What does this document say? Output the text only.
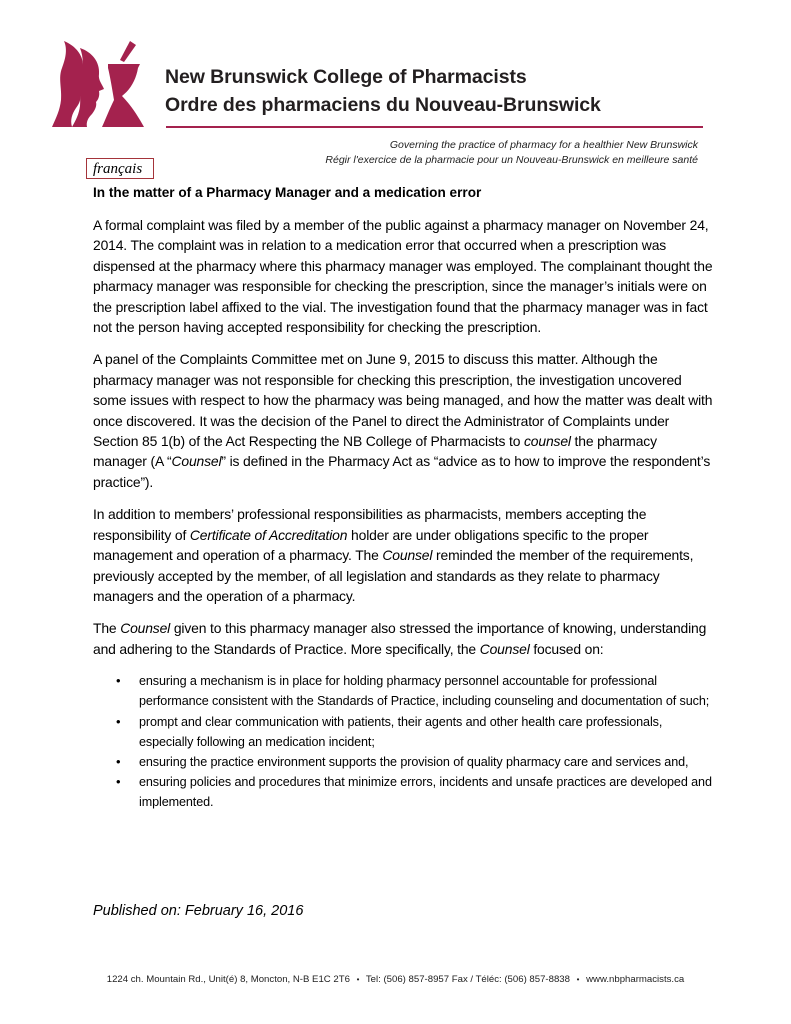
New Brunswick College of Pharmacists
Ordre des pharmaciens du Nouveau-Brunswick
Governing the practice of pharmacy for a healthier New Brunswick
Régir l'exercice de la pharmacie pour un Nouveau-Brunswick en meilleure santé
français
In the matter of a Pharmacy Manager and a medication error

A formal complaint was filed by a member of the public against a pharmacy manager on November 24, 2014. The complaint was in relation to a medication error that occurred when a prescription was dispensed at the pharmacy where this pharmacy manager was employed. The complainant thought the pharmacy manager was responsible for checking the prescription, since the manager’s initials were on the prescription label affixed to the vial. The investigation found that the pharmacy manager was in fact not the person having accepted responsibility for checking the prescription.

A panel of the Complaints Committee met on June 9, 2015 to discuss this matter. Although the pharmacy manager was not responsible for checking this prescription, the investigation uncovered some issues with respect to how the pharmacy was being managed, and how the matter was dealt with once discovered. It was the decision of the Panel to direct the Administrator of Complaints under Section 85 1(b) of the Act Respecting the NB College of Pharmacists to counsel the pharmacy manager (A “Counsel” is defined in the Pharmacy Act as “advice as to how to improve the respondent’s practice”).

In addition to members’ professional responsibilities as pharmacists, members accepting the responsibility of Certificate of Accreditation holder are under obligations specific to the proper management and operation of a pharmacy. The Counsel reminded the member of the requirements, previously accepted by the member, of all legislation and standards as they relate to pharmacy managers and the operation of a pharmacy.

The Counsel given to this pharmacy manager also stressed the importance of knowing, understanding and adhering to the Standards of Practice. More specifically, the Counsel focused on:

• ensuring a mechanism is in place for holding pharmacy personnel accountable for professional performance consistent with the Standards of Practice, including counseling and documentation of such;
• prompt and clear communication with patients, their agents and other health care professionals, especially following an medication incident;
• ensuring the practice environment supports the provision of quality pharmacy care and services and,
• ensuring policies and procedures that minimize errors, incidents and unsafe practices are developed and implemented.
Published on: February 16, 2016
1224 ch. Mountain Rd., Unit(é) 8, Moncton, N-B E1C 2T6 • Tel: (506) 857-8957 Fax / Téléc: (506) 857-8838 • www.nbpharmacists.ca
